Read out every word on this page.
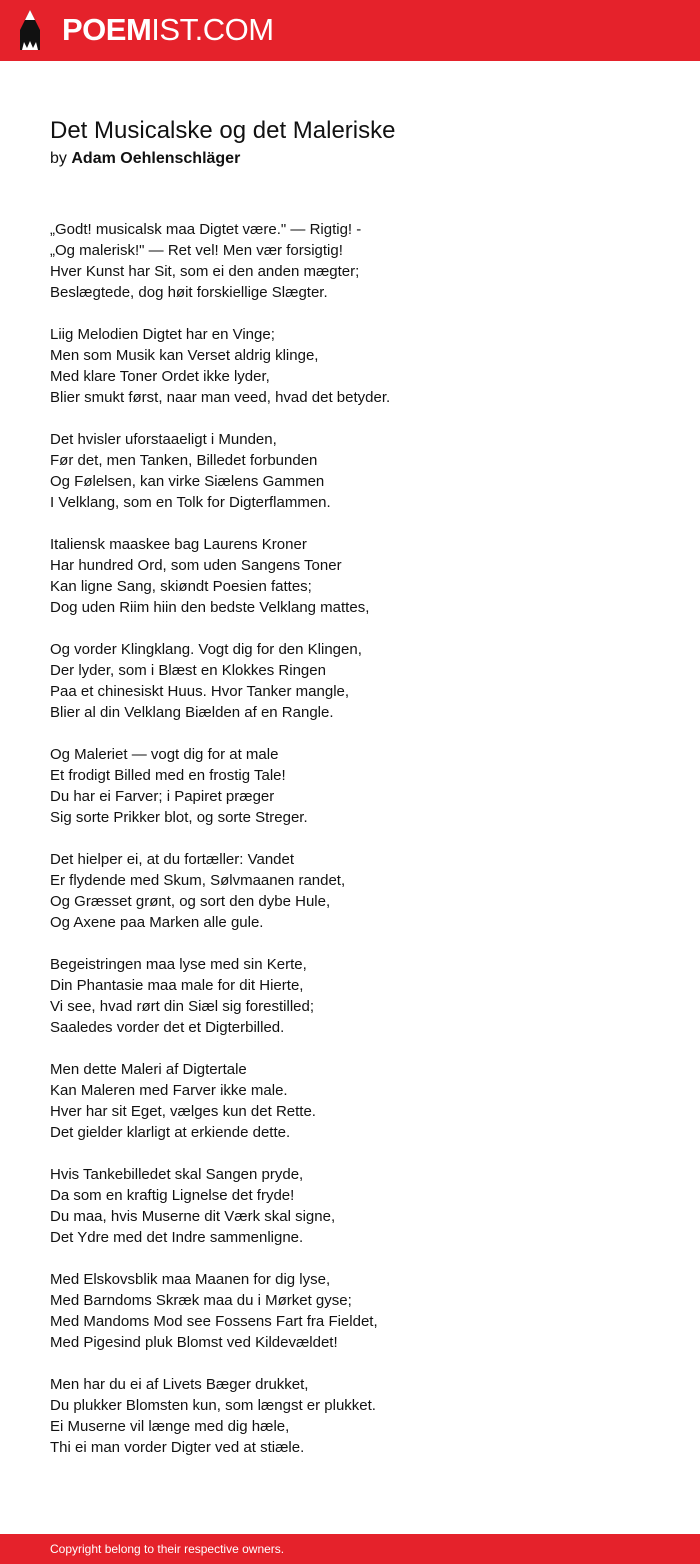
POEMIST.COM
Det Musicalske og det Maleriske
by Adam Oehlenschläger
„Godt! musicalsk maa Digtet være." — Rigtig! -
„Og malerisk!" — Ret vel! Men vær forsigtig!
Hver Kunst har Sit, som ei den anden mægter;
Beslægtede, dog høit forskiellige Slægter.
Liig Melodien Digtet har en Vinge;
Men som Musik kan Verset aldrig klinge,
Med klare Toner Ordet ikke lyder,
Blier smukt først, naar man veed, hvad det betyder.
Det hvisler uforstaaeligt i Munden,
Før det, men Tanken, Billedet forbunden
Og Følelsen, kan virke Siælens Gammen
I Velklang, som en Tolk for Digterflammen.
Italiensk maaskee bag Laurens Kroner
Har hundred Ord, som uden Sangens Toner
Kan ligne Sang, skiøndt Poesien fattes;
Dog uden Riim hiin den bedste Velklang mattes,
Og vorder Klingklang. Vogt dig for den Klingen,
Der lyder, som i Blæst en Klokkes Ringen
Paa et chinesiskt Huus. Hvor Tanker mangle,
Blier al din Velklang Biælden af en Rangle.
Og Maleriet — vogt dig for at male
Et frodigt Billed med en frostig Tale!
Du har ei Farver; i Papiret præger
Sig sorte Prikker blot, og sorte Streger.
Det hielper ei, at du fortæller: Vandet
Er flydende med Skum, Sølvmaanen randet,
Og Græsset grønt, og sort den dybe Hule,
Og Axene paa Marken alle gule.
Begeistringen maa lyse med sin Kerte,
Din Phantasie maa male for dit Hierte,
Vi see, hvad rørt din Siæl sig forestilled;
Saaledes vorder det et Digterbilled.
Men dette Maleri af Digtertale
Kan Maleren med Farver ikke male.
Hver har sit Eget, vælges kun det Rette.
Det gielder klarligt at erkiende dette.
Hvis Tankebilledet skal Sangen pryde,
Da som en kraftig Lignelse det fryde!
Du maa, hvis Muserne dit Værk skal signe,
Det Ydre med det Indre sammenligne.
Med Elskovsblik maa Maanen for dig lyse,
Med Barndoms Skræk maa du i Mørket gyse;
Med Mandoms Mod see Fossens Fart fra Fieldet,
Med Pigesind pluk Blomst ved Kildevældet!
Men har du ei af Livets Bæger drukket,
Du plukker Blomsten kun, som længst er plukket.
Ei Muserne vil længe med dig hæle,
Thi ei man vorder Digter ved at stiæle.
Copyright belong to their respective owners.
